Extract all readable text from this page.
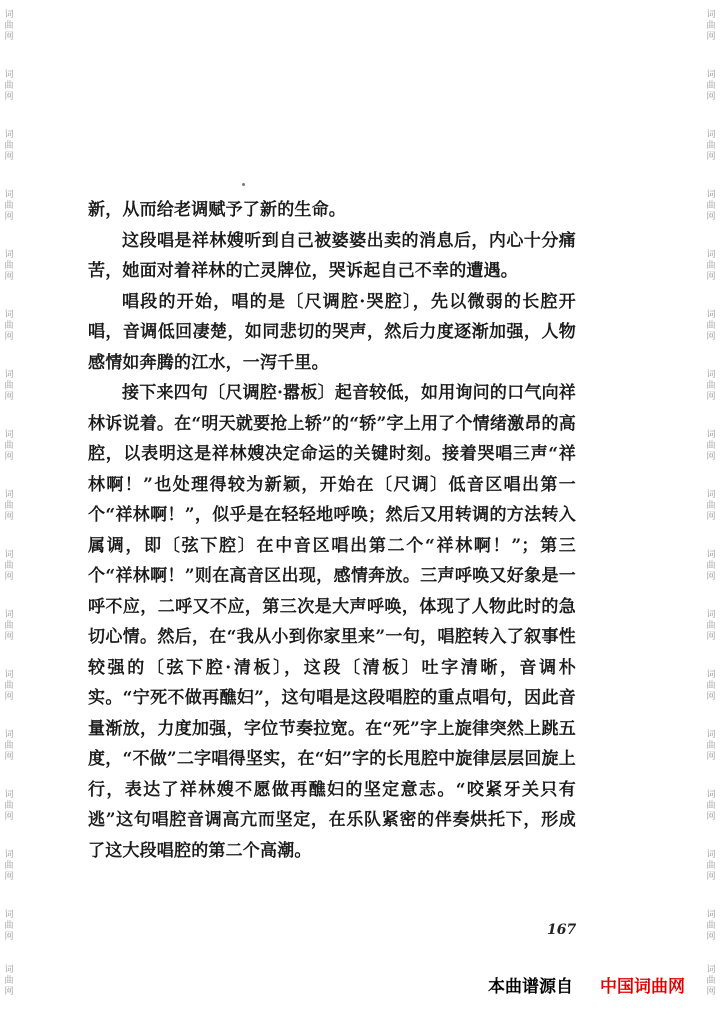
词
曲
网
词
曲
网
词
曲
网
词
曲
网
词
曲
网
词
曲
网
词
曲
网
词
曲
网
词
曲
网
词
曲
网
词
曲
网
词
曲
网
词
曲
网
词
曲
网
词
曲
网
词
曲
网
词
曲
网
词
曲
网
词
曲
网
词
曲
网
词
曲
网
词
曲
网
词
曲
网
词
曲
网
词
曲
网
词
曲
网
词
曲
网
词
曲
网
词
曲
网
词
曲
网
词
曲
网
词
曲
网
词
曲
网
词
曲
网

新，从而给老调赋予了新的生命。

这段唱是祥林嫂听到自己被婆婆出卖的消息后，内心十分痛苦，她面对着祥林的亡灵牌位，哭诉起自己不幸的遭遇。

唱段的开始，唱的是〔尺调腔·哭腔〕，先以微弱的长腔开唱，音调低回凄楚，如同悲切的哭声，然后力度逐渐加强，人物感情如奔腾的江水，一泻千里。

接下来四句〔尺调腔·嚣板〕起音较低，如用询问的口气向祥林诉说着。在“明天就要抢上轿”的“轿”字上用了个情绪激昂的高腔，以表明这是祥林嫂决定命运的关键时刻。接着哭唱三声“祥林啊！”也处理得较为新颖，开始在〔尺调〕低音区唱出第一个“祥林啊！”，似乎是在轻轻地呼唤；然后又用转调的方法转入属调，即〔弦下腔〕在中音区唱出第二个“祥林啊！”；第三个“祥林啊！”则在高音区出现，感情奔放。三声呼唤又好象是一呼不应，二呼又不应，第三次是大声呼唤，体现了人物此时的急切心情。然后，在“我从小到你家里来”一句，唱腔转入了叙事性较强的〔弦下腔·清板〕，这段〔清板〕吐字清晰，音调朴实。“宁死不做再醮妇”，这句唱是这段唱腔的重点唱句，因此音量渐放，力度加强，字位节奏拉宽。在“死”字上旋律突然上跳五度，“不做”二字唱得坚实，在“妇”字的长甩腔中旋律层层回旋上行，表达了祥林嫂不愿做再醮妇的坚定意志。“咬紧牙关只有逃”这句唱腔音调高亢而坚定，在乐队紧密的伴奏烘托下，形成了这大段唱腔的第二个高潮。

167
本曲谱源自 中国词曲网
